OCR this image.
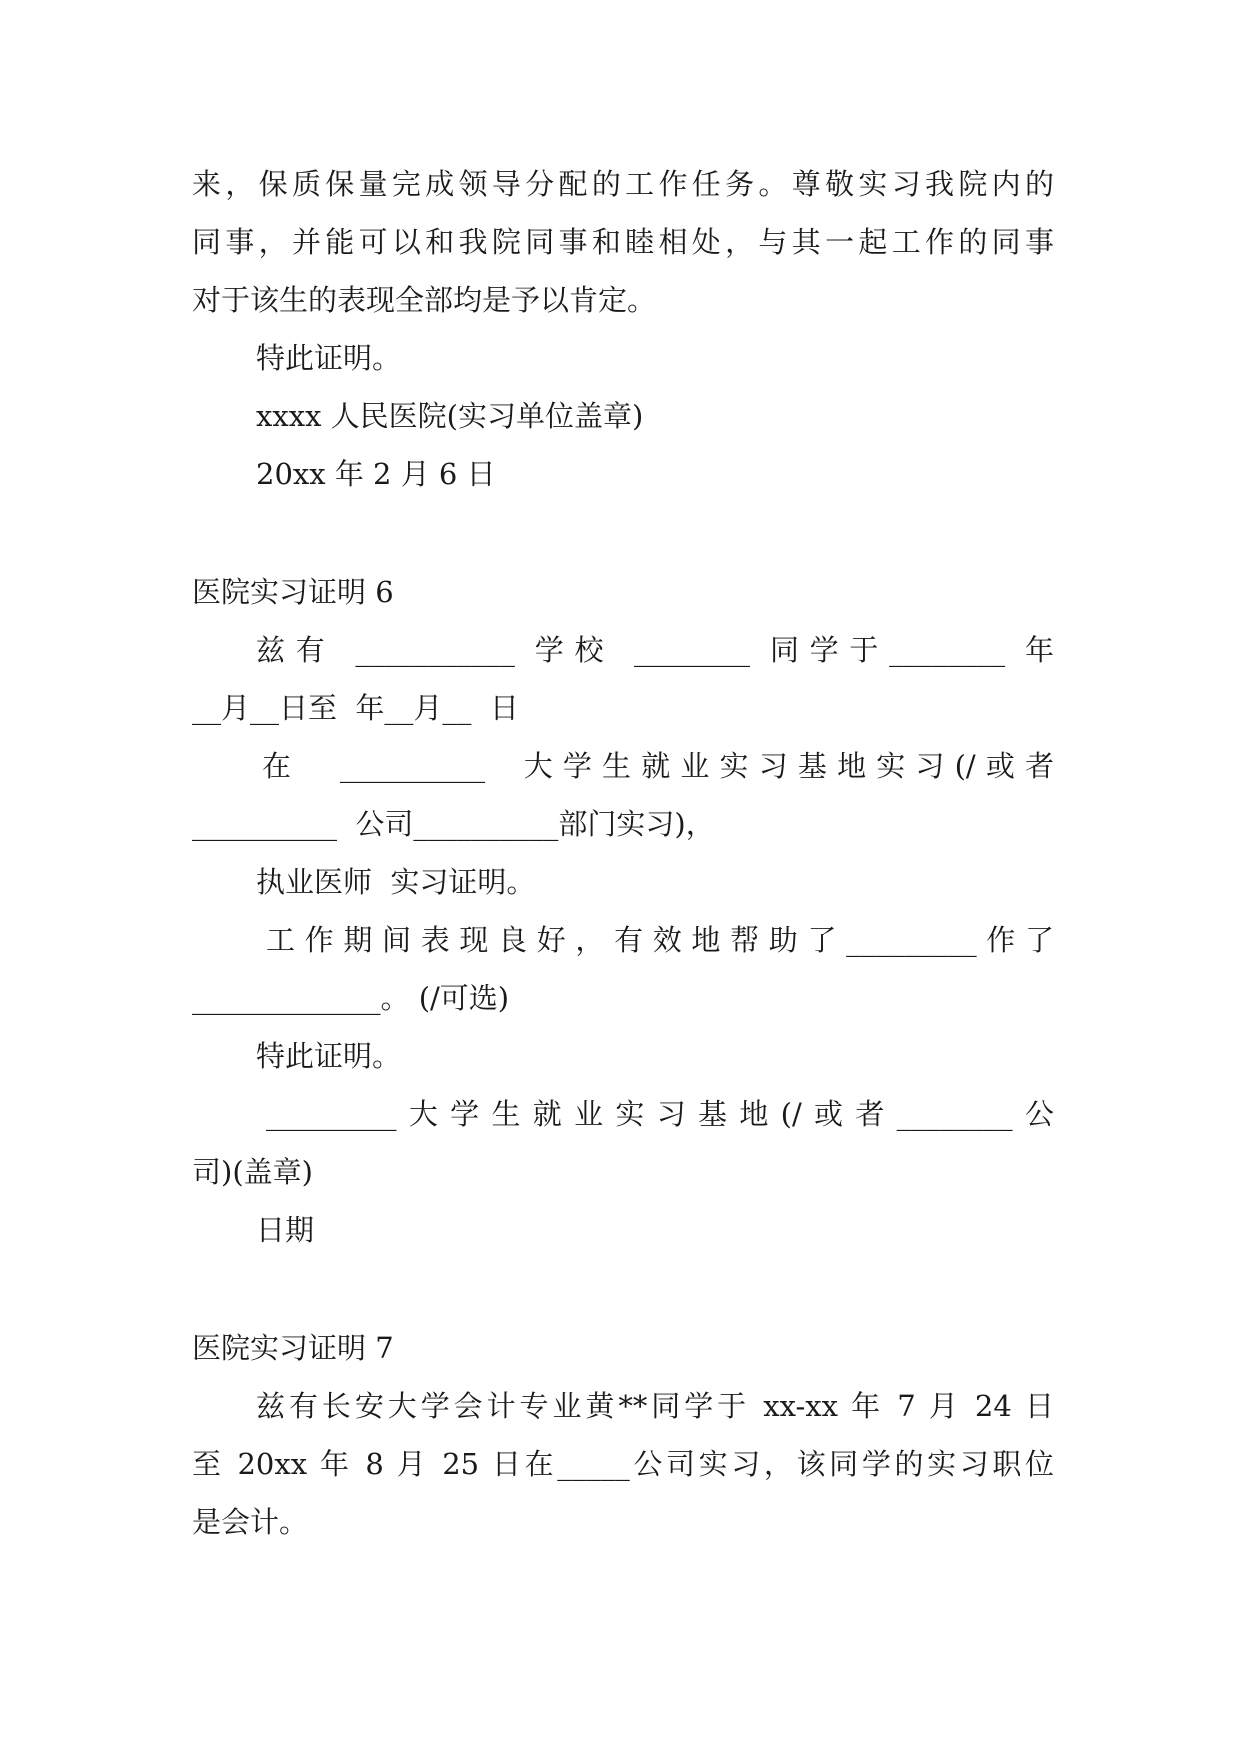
来，保质保量完成领导分配的工作任务。尊敬实习我院内的
同事，并能可以和我院同事和睦相处，与其一起工作的同事
对于该生的表现全部均是予以肯定。
特此证明。
xxxx 人民医院(实习单位盖章)
20xx 年 2 月 6 日
医院实习证明 6
兹有 ___________ 学校 ________ 同学于________ 年
__月__日至  年__月__  日
在  __________  大学生就业实习基地实习(/或者
__________  公司__________部门实习)，
执业医师  实习证明。
工作期间表现良好，有效地帮助了_________作了
_____________。 (/可选)
特此证明。
_________大学生就业实习基地(/或者________公
司)(盖章)
日期
医院实习证明 7
兹有长安大学会计专业黄**同学于 xx-xx 年 7 月 24 日
至 20xx 年 8 月 25 日在_____公司实习，该同学的实习职位
是会计。
